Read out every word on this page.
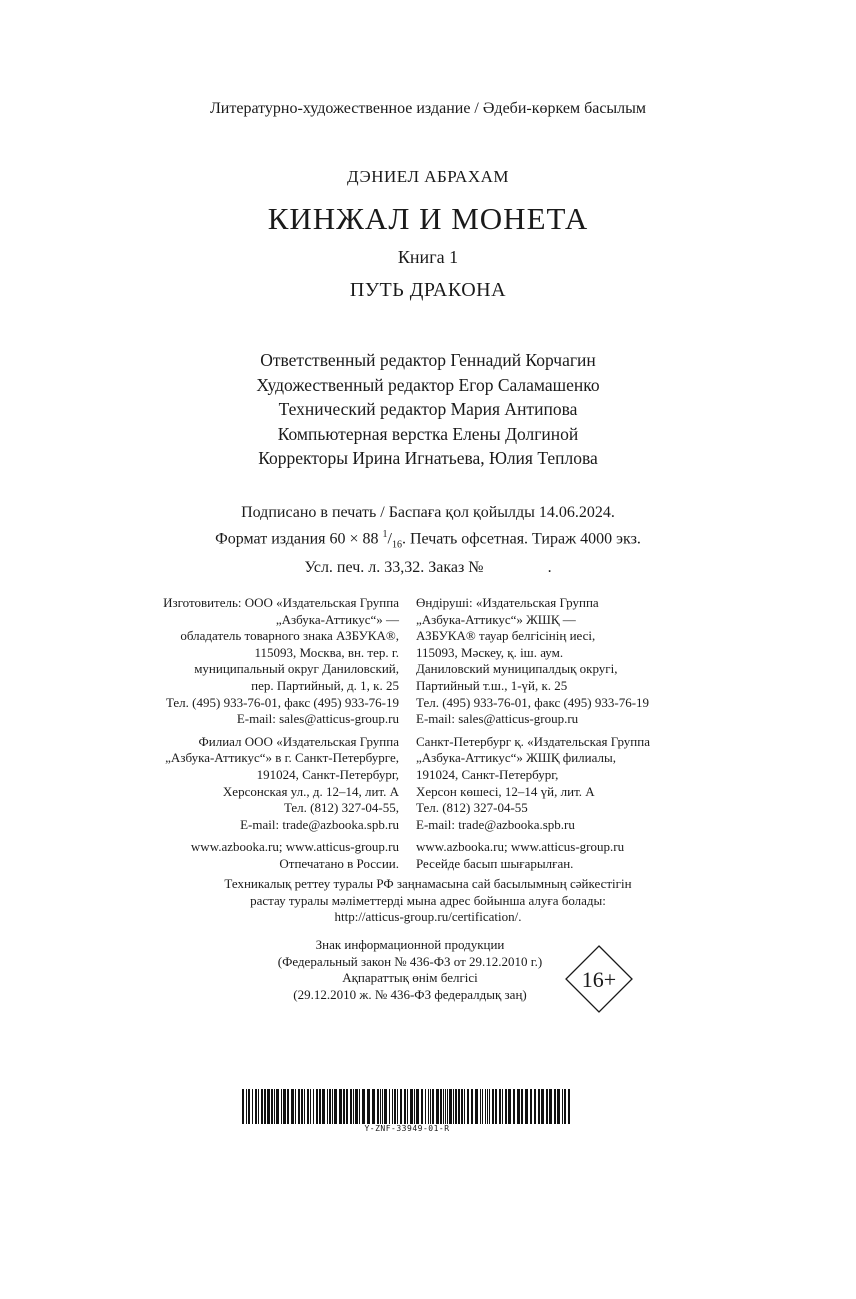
Литературно-художественное издание / Әдеби-көркем басылым
ДЭНИЕЛ АБРАХАМ
КИНЖАЛ И МОНЕТА
Книга 1
ПУТЬ ДРАКОНА
Ответственный редактор Геннадий Корчагин
Художественный редактор Егор Саламашенко
Технический редактор Мария Антипова
Компьютерная верстка Елены Долгиной
Корректоры Ирина Игнатьева, Юлия Теплова
Подписано в печать / Баспаға қол қойылды 14.06.2024.
Формат издания 60 × 88 $^1/_{16}$. Печать офсетная. Тираж 4000 экз.
Усл. печ. л. 33,32. Заказ №	.
Изготовитель: ООО «Издательская Группа
„Азбука-Аттикус“» —
обладатель товарного знака АЗБУКА®,
115093, Москва, вн. тер. г.
муниципальный округ Даниловский,
пер. Партийный, д. 1, к. 25
Тел. (495) 933-76-01, факс (495) 933-76-19
E-mail: sales@atticus-group.ru
Филиал ООО «Издательская Группа
„Азбука-Аттикус“» в г. Санкт-Петербурге,
191024, Санкт-Петербург,
Херсонская ул., д. 12–14, лит. А
Тел. (812) 327-04-55,
E-mail: trade@azbooka.spb.ru
www.azbooka.ru; www.atticus-group.ru
Отпечатано в России.
Өндіруші: «Издательская Группа
„Азбука-Аттикус“» ЖШҚ —
АЗБУКА® тауар белгісінің иесі,
115093, Мәскеу, қ. іш. аум.
Даниловский муниципалдық округі,
Партийный т.ш., 1-үй, к. 25
Тел. (495) 933-76-01, факс (495) 933-76-19
E-mail: sales@atticus-group.ru
Санкт-Петербург қ. «Издательская Группа
„Азбука-Аттикус“» ЖШҚ филиалы,
191024, Санкт-Петербург,
Херсон көшесі, 12–14 үй, лит. А
Тел. (812) 327-04-55
E-mail: trade@azbooka.spb.ru
www.azbooka.ru; www.atticus-group.ru
Ресейде басып шығарылған.
Техникалық реттеу туралы РФ заңнамасына сай басылымның сәйкестігін
растау туралы мәліметтерді мына адрес бойынша алуға болады:
http://atticus-group.ru/certification/.
Знак информационной продукции
(Федеральный закон № 436-ФЗ от 29.12.2010 г.)
Ақпараттық өнім белгісі
(29.12.2010 ж. № 436-ФЗ федералдық заң)
16+
Y-ZNF-33949-01-R
